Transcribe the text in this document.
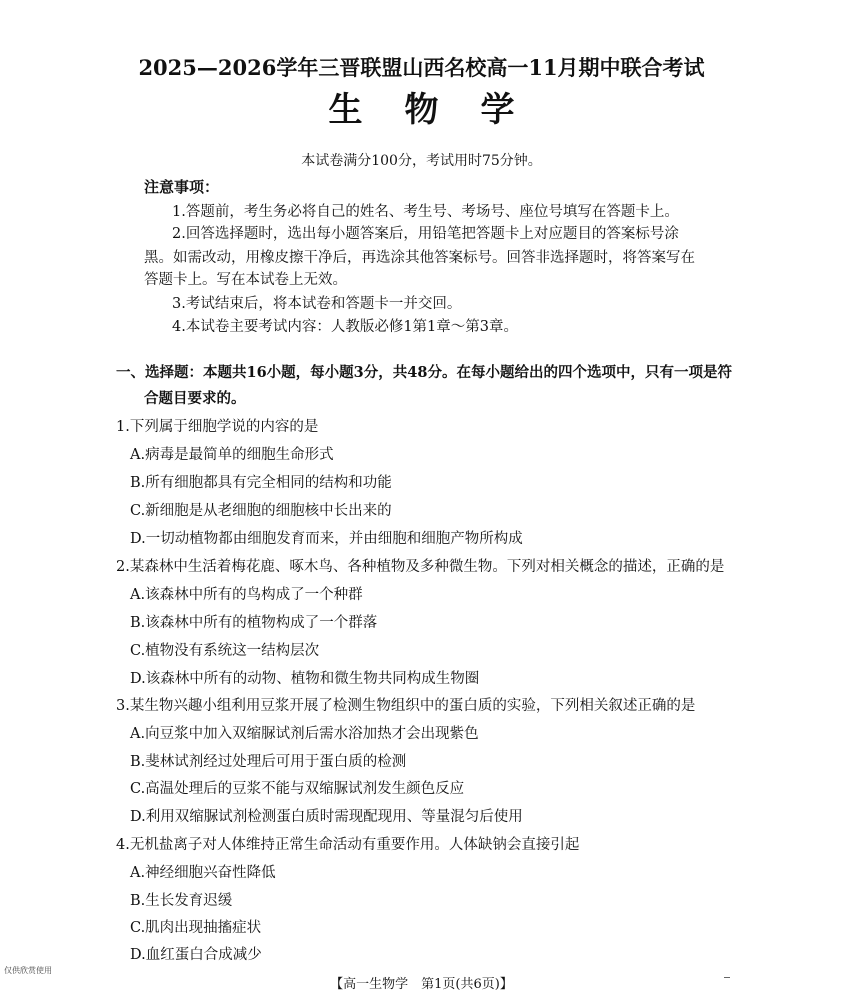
2025—2026学年三晋联盟山西名校高一11月期中联合考试
生物学
本试卷满分100分，考试用时75分钟。
注意事项：
1.答题前，考生务必将自己的姓名、考生号、考场号、座位号填写在答题卡上。
2.回答选择题时，选出每小题答案后，用铅笔把答题卡上对应题目的答案标号涂
黑。如需改动，用橡皮擦干净后，再选涂其他答案标号。回答非选择题时，将答案写在
答题卡上。写在本试卷上无效。
3.考试结束后，将本试卷和答题卡一并交回。
4.本试卷主要考试内容：人教版必修1第1章～第3章。
一、选择题：本题共16小题，每小题3分，共48分。在每小题给出的四个选项中，只有一项是符
合题目要求的。
1.下列属于细胞学说的内容的是
A.病毒是最简单的细胞生命形式
B.所有细胞都具有完全相同的结构和功能
C.新细胞是从老细胞的细胞核中长出来的
D.一切动植物都由细胞发育而来，并由细胞和细胞产物所构成
2.某森林中生活着梅花鹿、啄木鸟、各种植物及多种微生物。下列对相关概念的描述，正确的是
A.该森林中所有的鸟构成了一个种群
B.该森林中所有的植物构成了一个群落
C.植物没有系统这一结构层次
D.该森林中所有的动物、植物和微生物共同构成生物圈
3.某生物兴趣小组利用豆浆开展了检测生物组织中的蛋白质的实验，下列相关叙述正确的是
A.向豆浆中加入双缩脲试剂后需水浴加热才会出现紫色
B.斐林试剂经过处理后可用于蛋白质的检测
C.高温处理后的豆浆不能与双缩脲试剂发生颜色反应
D.利用双缩脲试剂检测蛋白质时需现配现用、等量混匀后使用
4.无机盐离子对人体维持正常生命活动有重要作用。人体缺钠会直接引起
A.神经细胞兴奋性降低
B.生长发育迟缓
C.肌肉出现抽搐症状
D.血红蛋白合成减少
仅供欣赏使用
【高一生物学　第1页(共6页)】
